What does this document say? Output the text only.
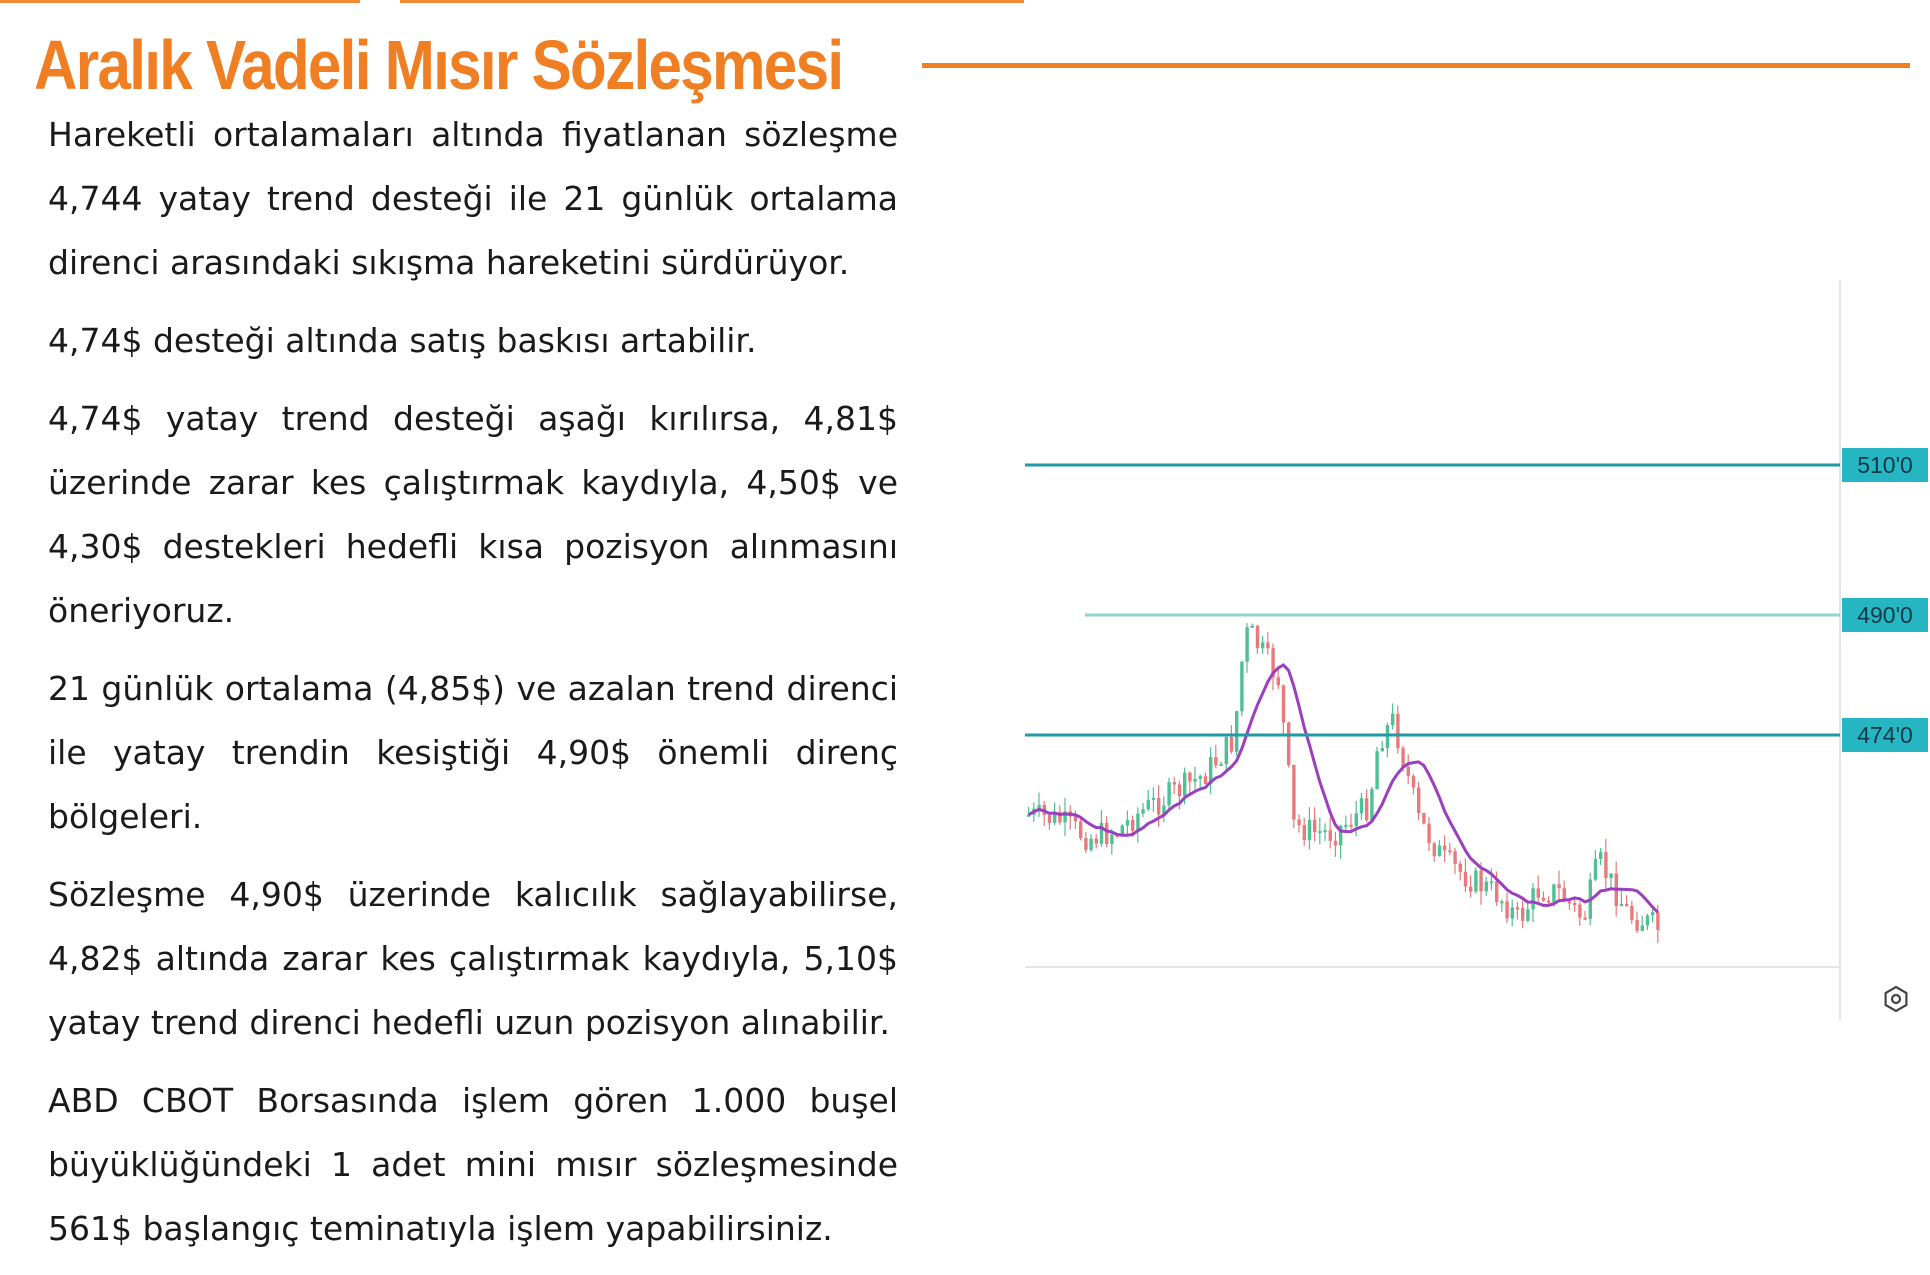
Aralık Vadeli Mısır Sözleşmesi

Hareketli ortalamaları altında fiyatlanan sözleşme 4,744 yatay trend desteği ile 21 günlük ortalama direnci arasındaki sıkışma hareketini sürdürüyor.

4,74$ desteği altında satış baskısı artabilir.

4,74$ yatay trend desteği aşağı kırılırsa, 4,81$ üzerinde zarar kes çalıştırmak kaydıyla, 4,50$ ve 4,30$ destekleri hedefli kısa pozisyon alınmasını öneriyoruz.

21 günlük ortalama (4,85$) ve azalan trend direnci ile yatay trendin kesiştiği 4,90$ önemli direnç bölgeleri.

Sözleşme 4,90$ üzerinde kalıcılık sağlayabilirse, 4,82$ altında zarar kes çalıştırmak kaydıyla, 5,10$ yatay trend direnci hedefli uzun pozisyon alınabilir.

ABD CBOT Borsasında işlem gören 1.000 buşel büyüklüğündeki 1 adet mini mısır sözleşmesinde 561$ başlangıç teminatıyla işlem yapabilirsiniz.

510'0
490'0
474'0
